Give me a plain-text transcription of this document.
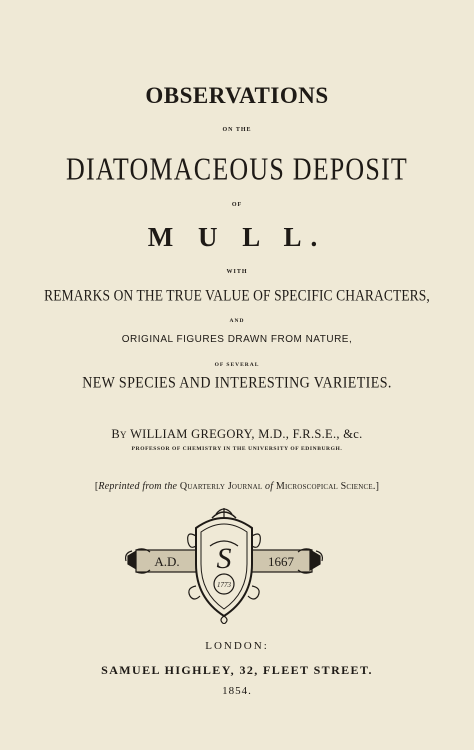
OBSERVATIONS
ON THE
DIATOMACEOUS DEPOSIT
OF
M U L L.
WITH
REMARKS ON THE TRUE VALUE OF SPECIFIC CHARACTERS,
AND
ORIGINAL FIGURES DRAWN FROM NATURE,
OF SEVERAL
NEW SPECIES AND INTERESTING VARIETIES.
By WILLIAM GREGORY, M.D., F.R.S.E., &c.
PROFESSOR OF CHEMISTRY IN THE UNIVERSITY OF EDINBURGH.
[Reprinted from the Quarterly Journal of Microscopical Science.]
A.D.	1667
S
1773
LONDON:
SAMUEL HIGHLEY, 32, FLEET STREET.
1854.
